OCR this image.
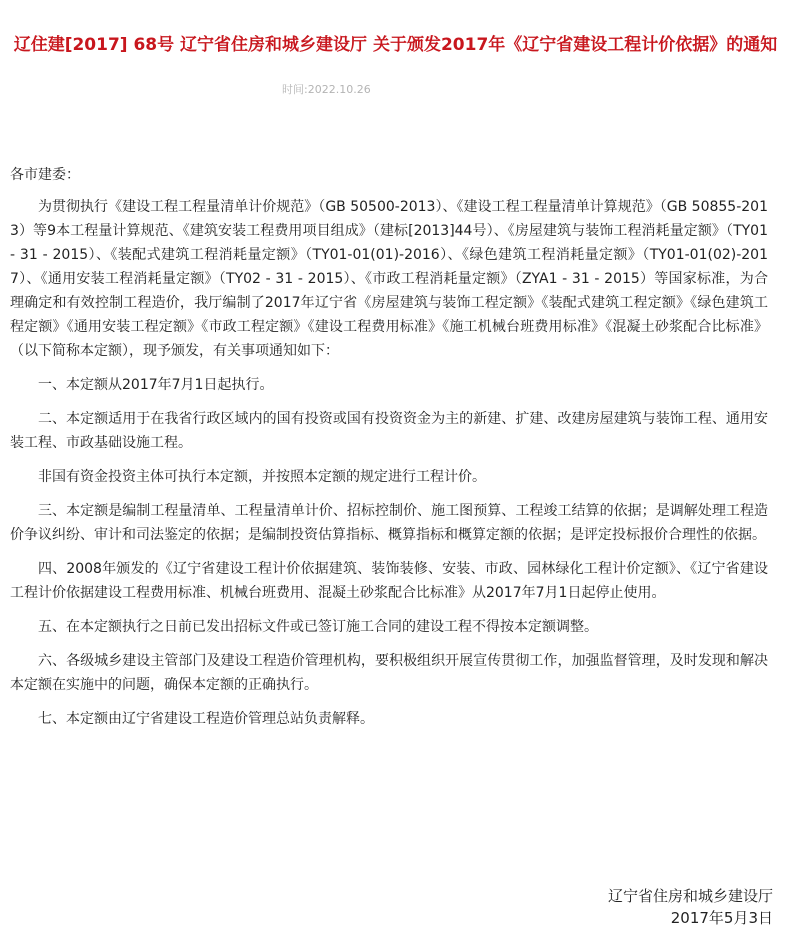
辽住建[2017] 68号 辽宁省住房和城乡建设厅 关于颁发2017年《辽宁省建设工程计价依据》的通知
时间:2022.10.26

各市建委：

为贯彻执行《建设工程工程量清单计价规范》（GB 50500-2013）、《建设工程工程量清单计算规范》（GB 50855-2013）等9本工程量计算规范、《建筑安装工程费用项目组成》（建标[2013]44号）、《房屋建筑与装饰工程消耗量定额》（TY01 - 31 - 2015）、《装配式建筑工程消耗量定额》（TY01-01(01)-2016）、《绿色建筑工程消耗量定额》（TY01-01(02)-2017）、《通用安装工程消耗量定额》（TY02 - 31 - 2015）、《市政工程消耗量定额》（ZYA1 - 31 - 2015）等国家标准，为合理确定和有效控制工程造价，我厅编制了2017年辽宁省《房屋建筑与装饰工程定额》《装配式建筑工程定额》《绿色建筑工程定额》《通用安装工程定额》《市政工程定额》《建设工程费用标准》《施工机械台班费用标准》《混凝土砂浆配合比标准》（以下简称本定额），现予颁发，有关事项通知如下：

一、本定额从2017年7月1日起执行。

二、本定额适用于在我省行政区域内的国有投资或国有投资资金为主的新建、扩建、改建房屋建筑与装饰工程、通用安装工程、市政基础设施工程。

非国有资金投资主体可执行本定额，并按照本定额的规定进行工程计价。

三、本定额是编制工程量清单、工程量清单计价、招标控制价、施工图预算、工程竣工结算的依据；是调解处理工程造价争议纠纷、审计和司法鉴定的依据；是编制投资估算指标、概算指标和概算定额的依据；是评定投标报价合理性的依据。

四、2008年颁发的《辽宁省建设工程计价依据建筑、装饰装修、安装、市政、园林绿化工程计价定额》、《辽宁省建设工程计价依据建设工程费用标准、机械台班费用、混凝土砂浆配合比标准》从2017年7月1日起停止使用。

五、在本定额执行之日前已发出招标文件或已签订施工合同的建设工程不得按本定额调整。

六、各级城乡建设主管部门及建设工程造价管理机构，要积极组织开展宣传贯彻工作，加强监督管理，及时发现和解决本定额在实施中的问题，确保本定额的正确执行。

七、本定额由辽宁省建设工程造价管理总站负责解释。

辽宁省住房和城乡建设厅
2017年5月3日
